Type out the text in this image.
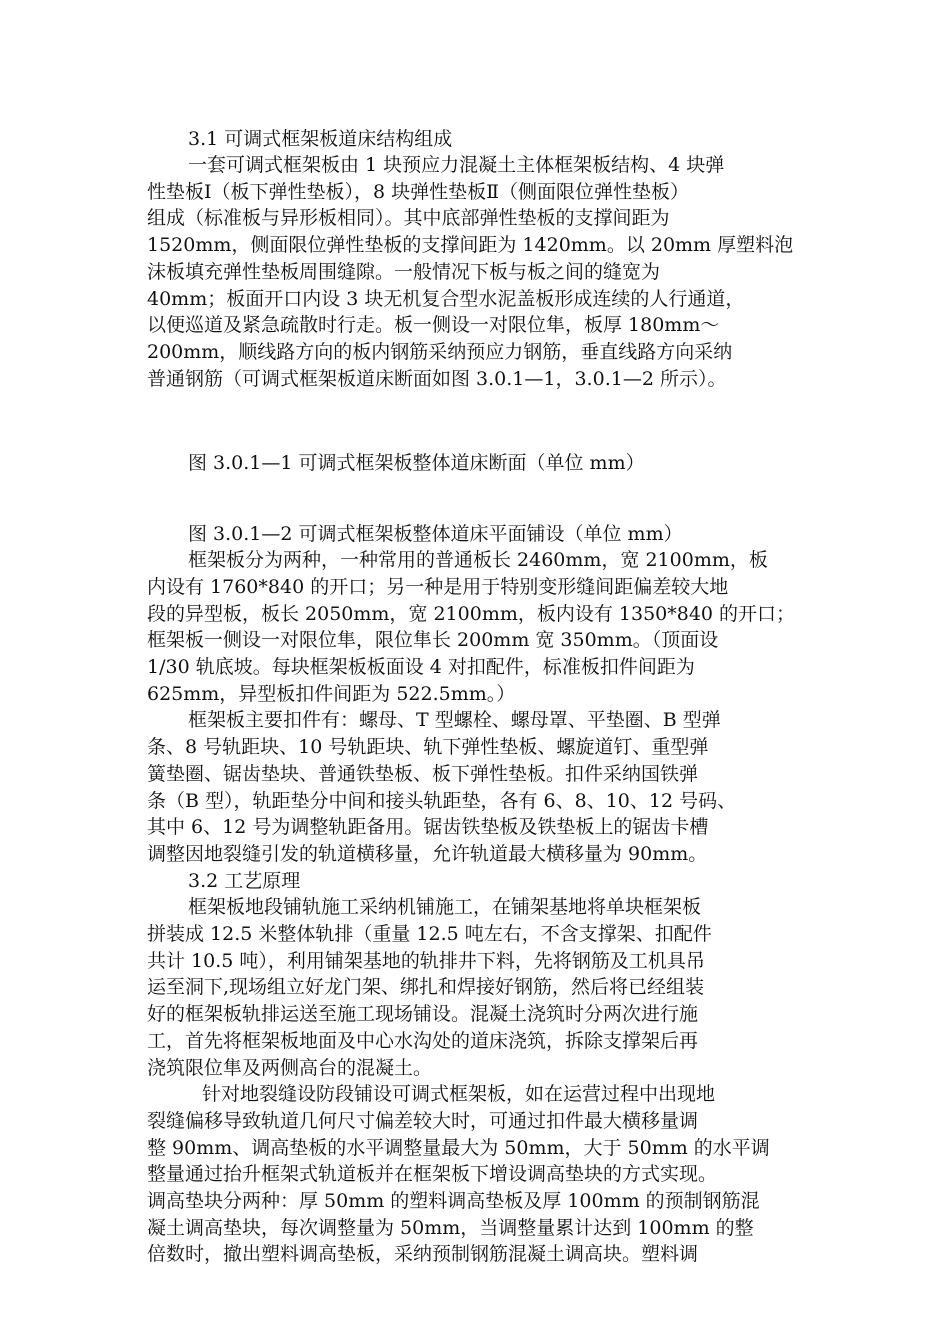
3.1 可调式框架板道床结构组成
一套可调式框架板由 1 块预应力混凝土主体框架板结构、4 块弹
性垫板Ⅰ（板下弹性垫板），8 块弹性垫板Ⅱ（侧面限位弹性垫板）
组成（标准板与异形板相同）。其中底部弹性垫板的支撑间距为
1520mm，侧面限位弹性垫板的支撑间距为 1420mm。以 20mm 厚塑料泡
沫板填充弹性垫板周围缝隙。一般情况下板与板之间的缝宽为
40mm；板面开口内设 3 块无机复合型水泥盖板形成连续的人行通道，
以便巡道及紧急疏散时行走。板一侧设一对限位隼，板厚 180mm～
200mm，顺线路方向的板内钢筋采纳预应力钢筋，垂直线路方向采纳
普通钢筋（可调式框架板道床断面如图 3.0.1—1，3.0.1—2 所示）。
图 3.0.1—1 可调式框架板整体道床断面（单位 mm）
图 3.0.1—2 可调式框架板整体道床平面铺设（单位 mm）
框架板分为两种，一种常用的普通板长 2460mm，宽 2100mm，板
内设有 1760*840 的开口；另一种是用于特别变形缝间距偏差较大地
段的异型板，板长 2050mm，宽 2100mm，板内设有 1350*840 的开口；
框架板一侧设一对限位隼，限位隼长 200mm 宽 350mm。（顶面设
1/30 轨底坡。每块框架板板面设 4 对扣配件，标准板扣件间距为
625mm，异型板扣件间距为 522.5mm。）
框架板主要扣件有：螺母、T 型螺栓、螺母罩、平垫圈、B 型弹
条、8 号轨距块、10 号轨距块、轨下弹性垫板、螺旋道钉、重型弹
簧垫圈、锯齿垫块、普通铁垫板、板下弹性垫板。扣件采纳国铁弹
条（B 型），轨距垫分中间和接头轨距垫，各有 6、8、10、12 号码、
其中 6、12 号为调整轨距备用。锯齿铁垫板及铁垫板上的锯齿卡槽
调整因地裂缝引发的轨道横移量，允许轨道最大横移量为 90mm。
3.2 工艺原理
框架板地段铺轨施工采纳机铺施工，在铺架基地将单块框架板
拼装成 12.5 米整体轨排（重量 12.5 吨左右，不含支撑架、扣配件
共计 10.5 吨），利用铺架基地的轨排井下料，先将钢筋及工机具吊
运至洞下,现场组立好龙门架、绑扎和焊接好钢筋，然后将已经组装
好的框架板轨排运送至施工现场铺设。混凝土浇筑时分两次进行施
工，首先将框架板地面及中心水沟处的道床浇筑，拆除支撑架后再
浇筑限位隼及两侧高台的混凝土。
针对地裂缝设防段铺设可调式框架板，如在运营过程中出现地
裂缝偏移导致轨道几何尺寸偏差较大时，可通过扣件最大横移量调
整 90mm、调高垫板的水平调整量最大为 50mm，大于 50mm 的水平调
整量通过抬升框架式轨道板并在框架板下增设调高垫块的方式实现。
调高垫块分两种：厚 50mm 的塑料调高垫板及厚 100mm 的预制钢筋混
凝土调高垫块，每次调整量为 50mm，当调整量累计达到 100mm 的整
倍数时，撤出塑料调高垫板，采纳预制钢筋混凝土调高块。塑料调
